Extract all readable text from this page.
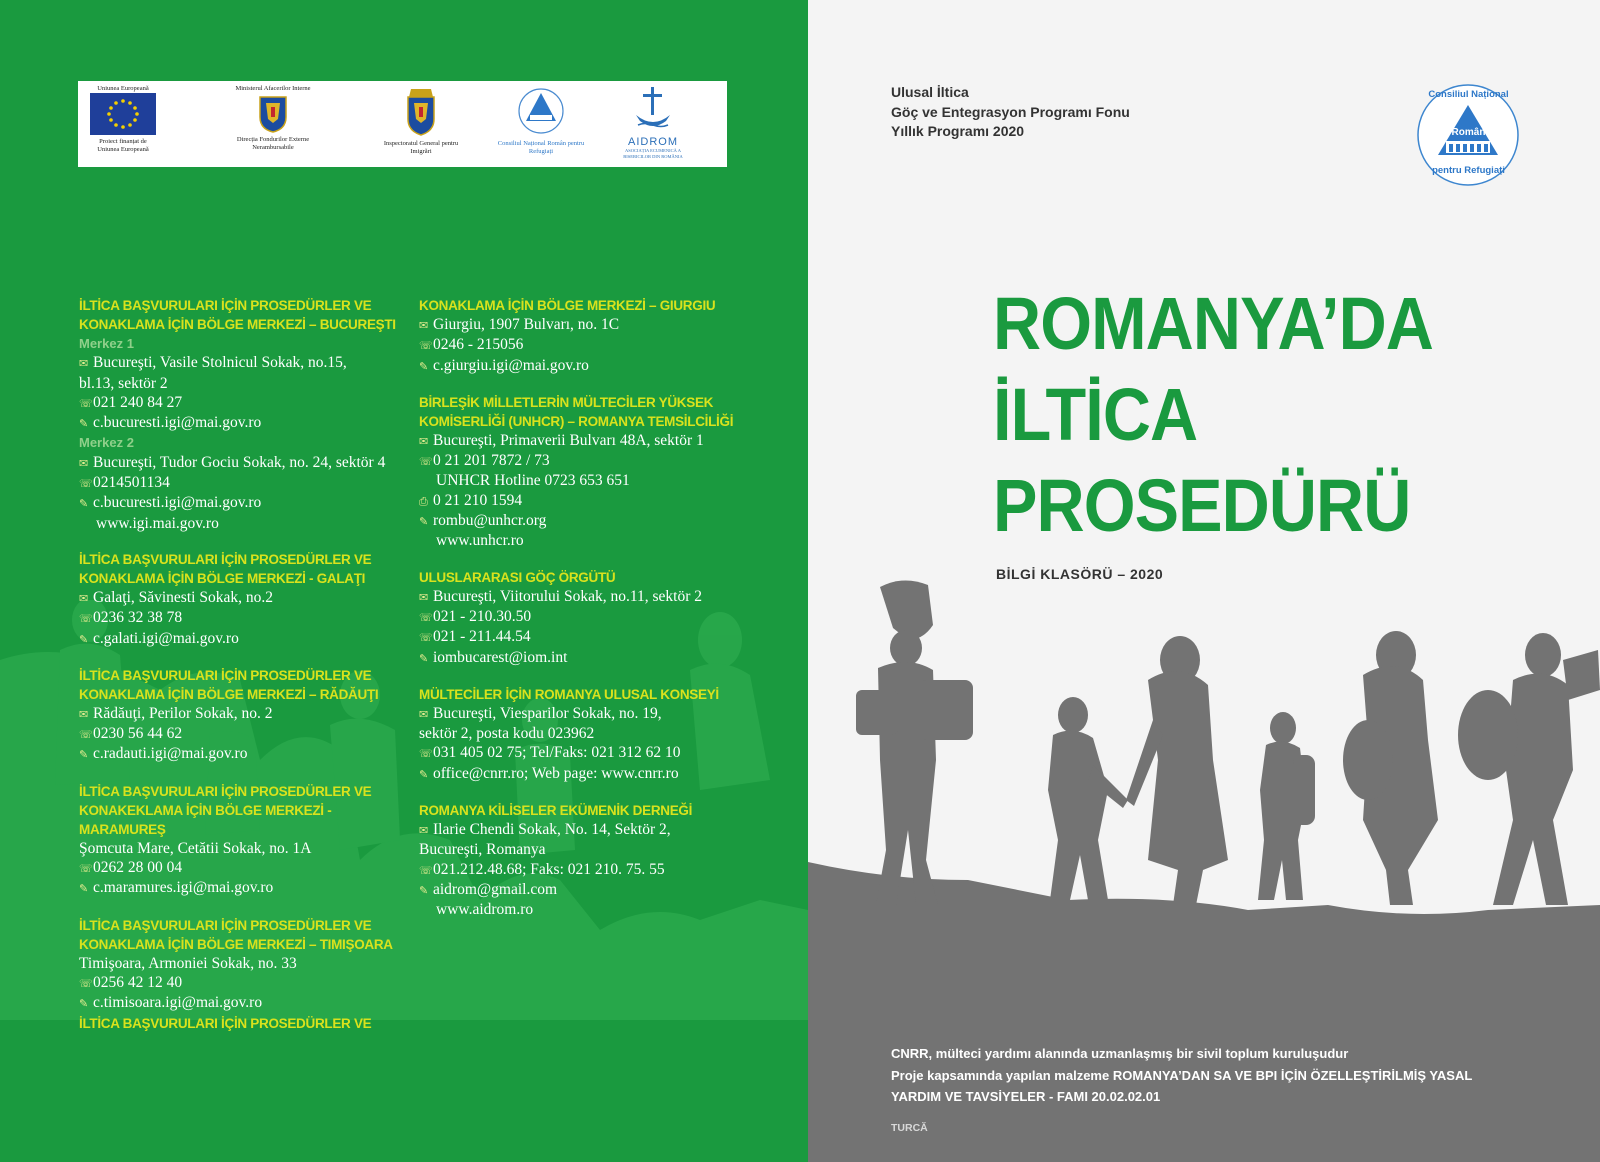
Uniunea Europeană
Proiect finanțat de Uniunea Europeană
Ministerul Afacerilor Interne
Direcția Fondurilor Externe Nerambursabile
Inspectoratul General pentru Imigrări
Consiliul Național Român pentru Refugiați
AIDROM
ASOCIAȚIA ECUMENICĂ A BISERICILOR DIN ROMÂNIA
İLTİCA BAŞVURULARI İÇİN PROSEDÜRLER VE
KONAKLAMA İÇİN BÖLGE MERKEZİ – BUCUREŞTI
Merkez 1
✉ Bucureşti, Vasile Stolnicul Sokak, no.15,
bl.13, sektör 2
☏021 240 84 27
✎ c.bucuresti.igi@mai.gov.ro
Merkez 2
✉ Bucureşti, Tudor Gociu Sokak, no. 24, sektör 4
☏0214501134
✎ c.bucuresti.igi@mai.gov.ro
www.igi.mai.gov.ro
İLTİCA BAŞVURULARI İÇİN PROSEDÜRLER VE
KONAKLAMA İÇİN BÖLGE MERKEZİ - GALAŢI
✉ Galaţi, Săvinesti Sokak, no.2
☏0236 32 38 78
✎ c.galati.igi@mai.gov.ro
İLTİCA BAŞVURULARI İÇİN PROSEDÜRLER VE
KONAKLAMA İÇİN BÖLGE MERKEZİ – RĂDĂUŢI
✉ Rădăuţi, Perilor Sokak, no. 2
☏0230 56 44 62
✎ c.radauti.igi@mai.gov.ro
İLTİCA BAŞVURULARI İÇİN PROSEDÜRLER VE
KONAKEKLAMA İÇİN BÖLGE MERKEZİ - MARAMUREŞ
Şomcuta Mare, Cetătii Sokak, no. 1A
☏0262 28 00 04
✎ c.maramures.igi@mai.gov.ro
İLTİCA BAŞVURULARI İÇİN PROSEDÜRLER VE
KONAKLAMA İÇİN BÖLGE MERKEZİ – TIMIŞOARA
Timişoara, Armoniei Sokak, no. 33
☏0256 42 12 40
✎ c.timisoara.igi@mai.gov.ro
İLTİCA BAŞVURULARI İÇİN PROSEDÜRLER VE
KONAKLAMA İÇİN BÖLGE MERKEZİ – GIURGIU
✉ Giurgiu, 1907 Bulvarı, no. 1C
☏0246 - 215056
✎ c.giurgiu.igi@mai.gov.ro
BİRLEŞİK MİLLETLERİN MÜLTECİLER YÜKSEK
KOMİSERLİĞİ (UNHCR) – ROMANYA TEMSİLCİLİĞİ
✉ Bucureşti, Primaverii Bulvarı 48A, sektör 1
☏0 21 201 7872 / 73
UNHCR Hotline 0723 653 651
⎙ 0 21 210 1594
✎ rombu@unhcr.org
www.unhcr.ro
ULUSLARARASI GÖÇ ÖRGÜTÜ
✉ Bucureşti, Viitorului Sokak, no.11, sektör 2
☏021 - 210.30.50
☏021 - 211.44.54
✎ iombucarest@iom.int
MÜLTECİLER İÇİN ROMANYA ULUSAL KONSEYİ
✉ Bucureşti, Viesparilor Sokak, no. 19,
sektör 2, posta kodu 023962
☏031 405 02 75; Tel/Faks: 021 312 62 10
✎ office@cnrr.ro; Web page: www.cnrr.ro
ROMANYA KİLİSELER EKÜMENİK DERNEĞİ
✉ Ilarie Chendi Sokak, No. 14, Sektör 2,
Bucureşti, Romanya
☏021.212.48.68; Faks: 021 210. 75. 55
✎ aidrom@gmail.com
www.aidrom.ro
Ulusal İltica
Göç ve Entegrasyon Programı Fonu
Yıllık Programı 2020
Consiliul Național
Român
pentru Refugiați
ROMANYA’DA
İLTİCA
PROSEDÜRÜ
BİLGİ KLASÖRÜ – 2020
CNRR, mülteci yardımı alanında uzmanlaşmış bir sivil toplum kuruluşudur
Proje kapsamında yapılan malzeme ROMANYA’DAN SA VE BPI İÇİN ÖZELLEŞTİRİLMİŞ YASAL
YARDIM VE TAVSİYELER - FAMI 20.02.02.01
TURCĂ
